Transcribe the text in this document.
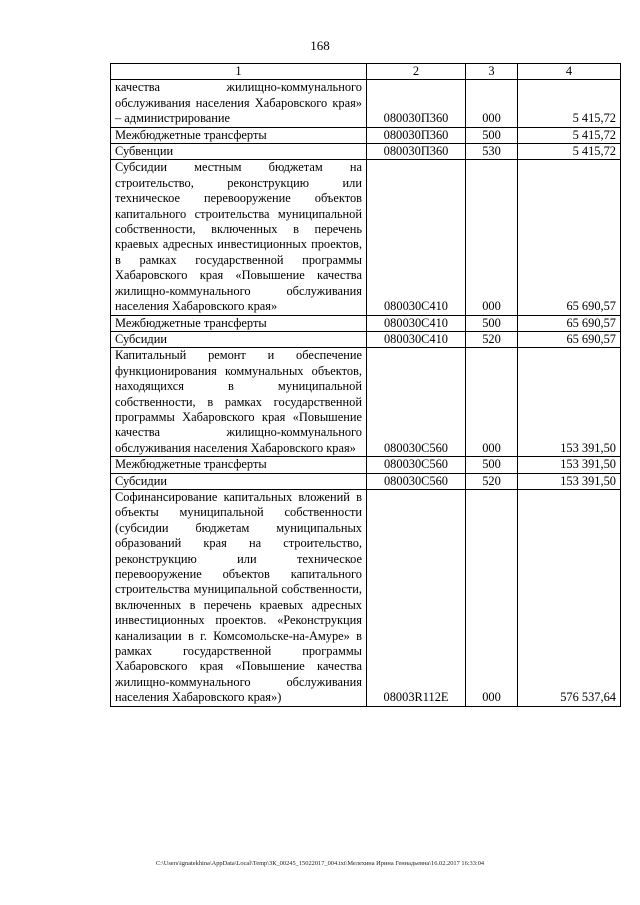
168
1	2	3	4
качества жилищно-коммунального обслуживания населения Хабаровского края» – администрирование	080030П360	000	5 415,72
Межбюджетные трансферты	080030П360	500	5 415,72
Субвенции	080030П360	530	5 415,72
Субсидии местным бюджетам на строительство, реконструкцию или техническое перевооружение объектов капитального строительства муниципальной собственности, включенных в перечень краевых адресных инвестиционных проектов, в рамках государственной программы Хабаровского края «Повышение качества жилищно-коммунального обслуживания населения Хабаровского края»	080030С410	000	65 690,57
Межбюджетные трансферты	080030С410	500	65 690,57
Субсидии	080030С410	520	65 690,57
Капитальный ремонт и обеспечение функционирования коммунальных объектов, находящихся в муниципальной собственности, в рамках государственной программы Хабаровского края «Повышение качества жилищно-коммунального обслуживания населения Хабаровского края»	080030С560	000	153 391,50
Межбюджетные трансферты	080030С560	500	153 391,50
Субсидии	080030С560	520	153 391,50
Софинансирование капитальных вложений в объекты муниципальной собственности (субсидии бюджетам муниципальных образований края на строительство, реконструкцию или техническое перевооружение объектов капитального строительства муниципальной собственности, включенных в перечень краевых адресных инвестиционных проектов. «Реконструкция канализации в г. Комсомольске-на-Амуре» в рамках государственной программы Хабаровского края «Повышение качества жилищно-коммунального обслуживания населения Хабаровского края»)	08003R112Е	000	576 537,64
C:\Users\ignatekhina\AppData\Local\Temp\ЗК_00245_15022017_004.txt\Мелехина Ирина Геннадьевна\16.02.2017 16:33:04
